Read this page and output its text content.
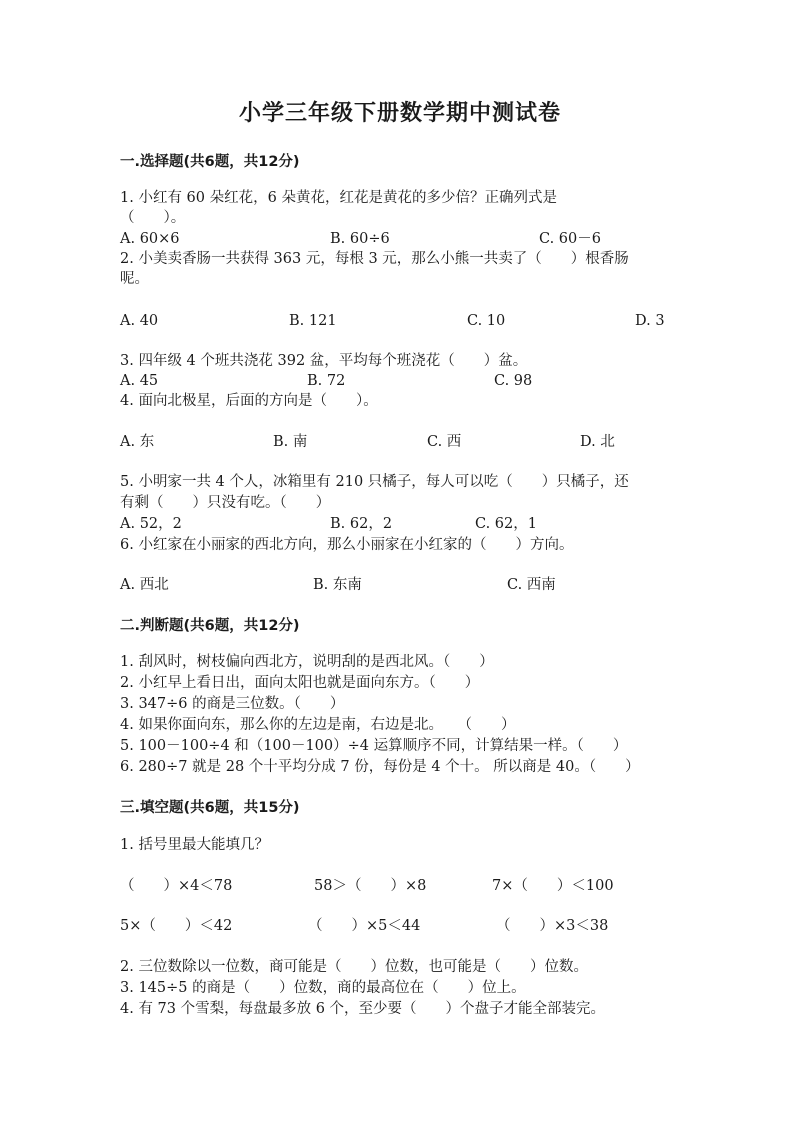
小学三年级下册数学期中测试卷
一.选择题(共6题，共12分)
1. 小红有 60 朵红花，6 朵黄花，红花是黄花的多少倍？正确列式是
（　　）。
A. 60×6	B. 60÷6	C. 60－6
2. 小美卖香肠一共获得 363 元，每根 3 元，那么小熊一共卖了（　　）根香肠
呢。
A. 40	B. 121	C. 10	D. 3
3. 四年级 4 个班共浇花 392 盆，平均每个班浇花（　　）盆。
A. 45	B. 72	C. 98
4. 面向北极星，后面的方向是（　　）。
A. 东	B. 南	C. 西	D. 北
5. 小明家一共 4 个人，冰箱里有 210 只橘子，每人可以吃（　　）只橘子，还
有剩（　　）只没有吃。（　　）
A. 52，2	B. 62，2	C. 62，1
6. 小红家在小丽家的西北方向，那么小丽家在小红家的（　　）方向。
A. 西北	B. 东南	C. 西南
二.判断题(共6题，共12分)
1. 刮风时，树枝偏向西北方，说明刮的是西北风。（　　）
2. 小红早上看日出，面向太阳也就是面向东方。（　　）
3. 347÷6 的商是三位数。（　　）
4. 如果你面向东，那么你的左边是南，右边是北。　　（　　）
5. 100－100÷4 和（100－100）÷4 运算顺序不同，计算结果一样。（　　）
6. 280÷7 就是 28 个十平均分成 7 份，每份是 4 个十。 所以商是 40。（　　）
三.填空题(共6题，共15分)
1. 括号里最大能填几？
（　　）×4＜78	58＞（　　）×8	7×（　　）＜100
5×（　　）＜42	（　　）×5＜44	（　　）×3＜38
2. 三位数除以一位数，商可能是（　　）位数，也可能是（　　）位数。
3. 145÷5 的商是（　　）位数，商的最高位在（　　）位上。
4. 有 73 个雪梨，每盘最多放 6 个，至少要（　　）个盘子才能全部装完。
